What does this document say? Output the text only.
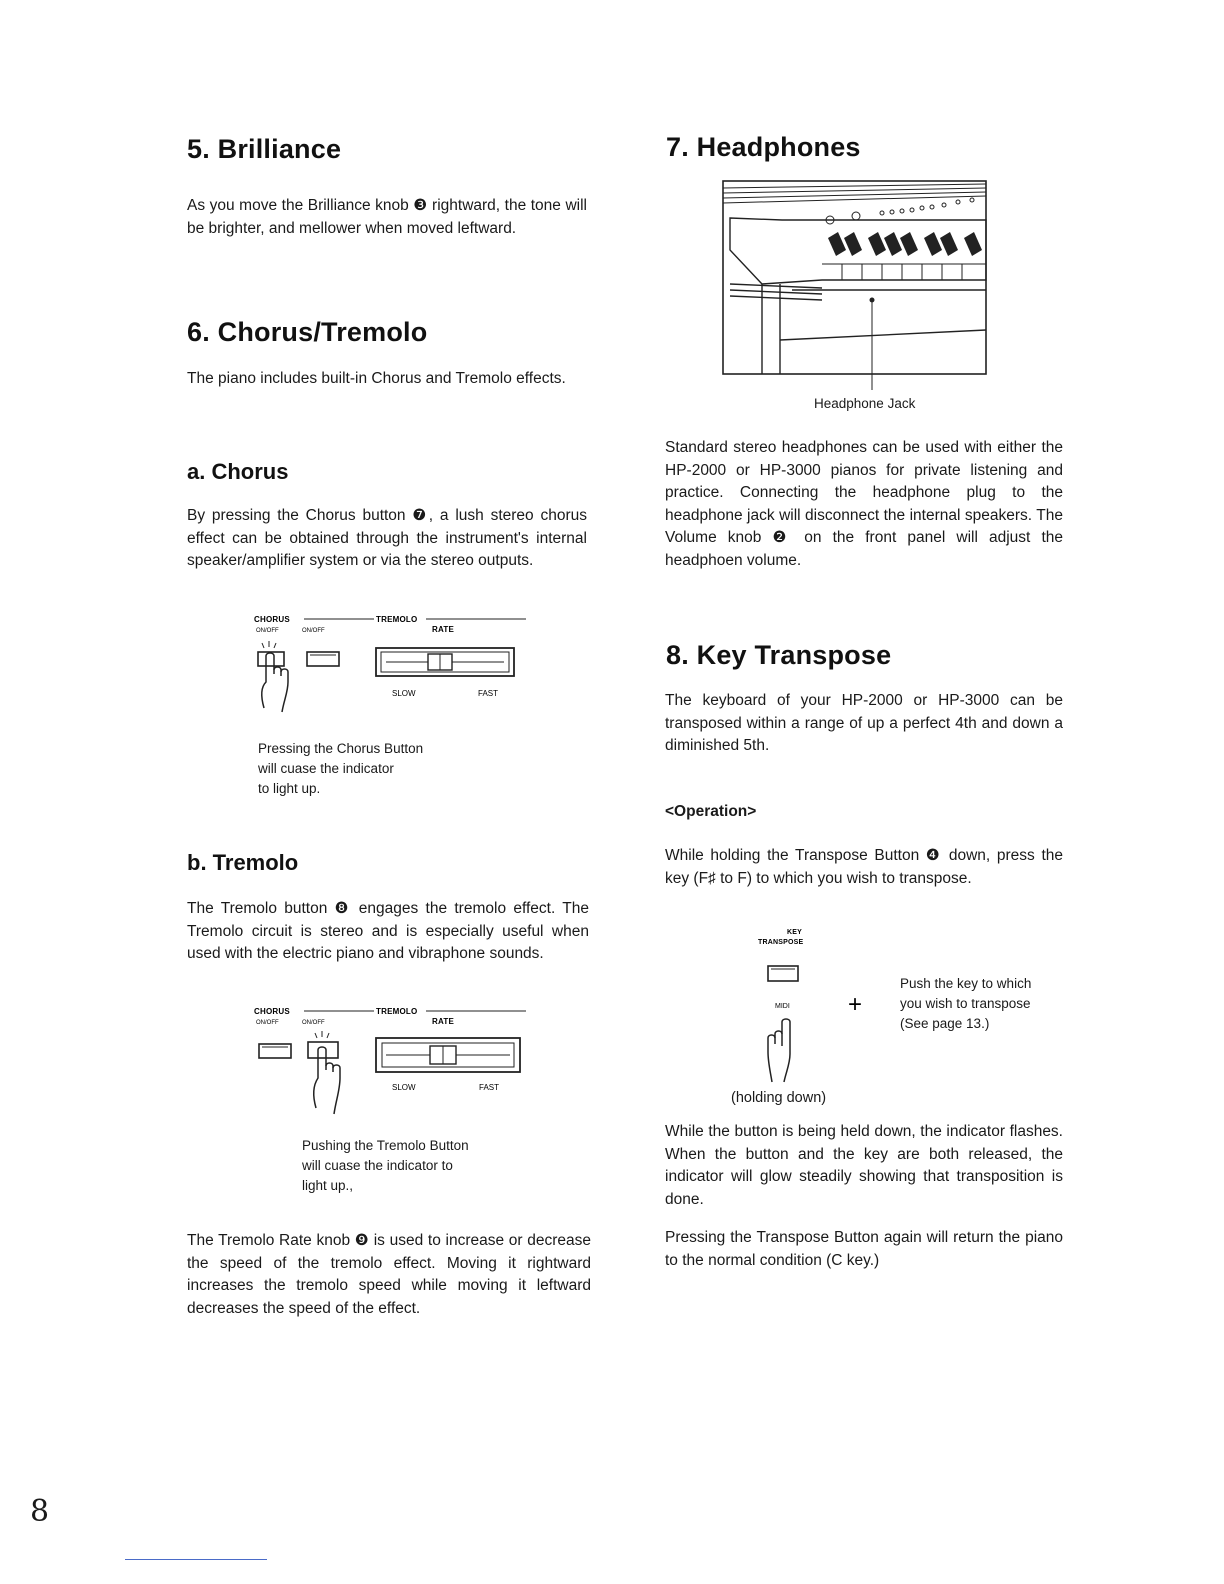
5. Brilliance

As you move the Brilliance knob ❸ rightward, the tone will be brighter, and mellower when moved leftward.

6. Chorus/Tremolo

The piano includes built-in Chorus and Tremolo effects.

a. Chorus

By pressing the Chorus button ❼, a lush stereo chorus effect can be obtained through the instrument's internal speaker/amplifier system or via the stereo outputs.

CHORUS	TREMOLO
ON/OFF	ON/OFF	RATE
SLOW	FAST

Pressing the Chorus Button

will cuase the indicator

to light up.

b. Tremolo

The Tremolo button ❽ engages the tremolo effect. The Tremolo circuit is stereo and is especially useful when used with the electric piano and vibraphone sounds.

CHORUS	TREMOLO
ON/OFF	ON/OFF	RATE
SLOW	FAST

Pushing the Tremolo Button

will cuase the indicator to

light up.,

The Tremolo Rate knob ❾ is used to increase or decrease the speed of the tremolo effect. Moving it rightward increases the tremolo speed while moving it leftward decreases the speed of the effect.

7. Headphones

Headphone Jack

Standard stereo headphones can be used with either the HP-2000 or HP-3000 pianos for private listening and practice. Connecting the headphone plug to the headphone jack will disconnect the internal speakers. The Volume knob ❷ on the front panel will adjust the headphoen volume.

8. Key Transpose

The keyboard of your HP-2000 or HP-3000 can be transposed within a range of up a perfect 4th and down a diminished 5th.

<Operation>

While holding the Transpose Button ❹ down, press the key (F♯ to F) to which you wish to transpose.

KEY
TRANSPOSE
MIDI +

Push the key to which

you wish to transpose

(See page 13.)

(holding down)

While the button is being held down, the indicator flashes. When the button and the key are both released, the indicator will glow steadily showing that transposition is done.

Pressing the Transpose Button again will return the piano to the normal condition (C key.)

8
